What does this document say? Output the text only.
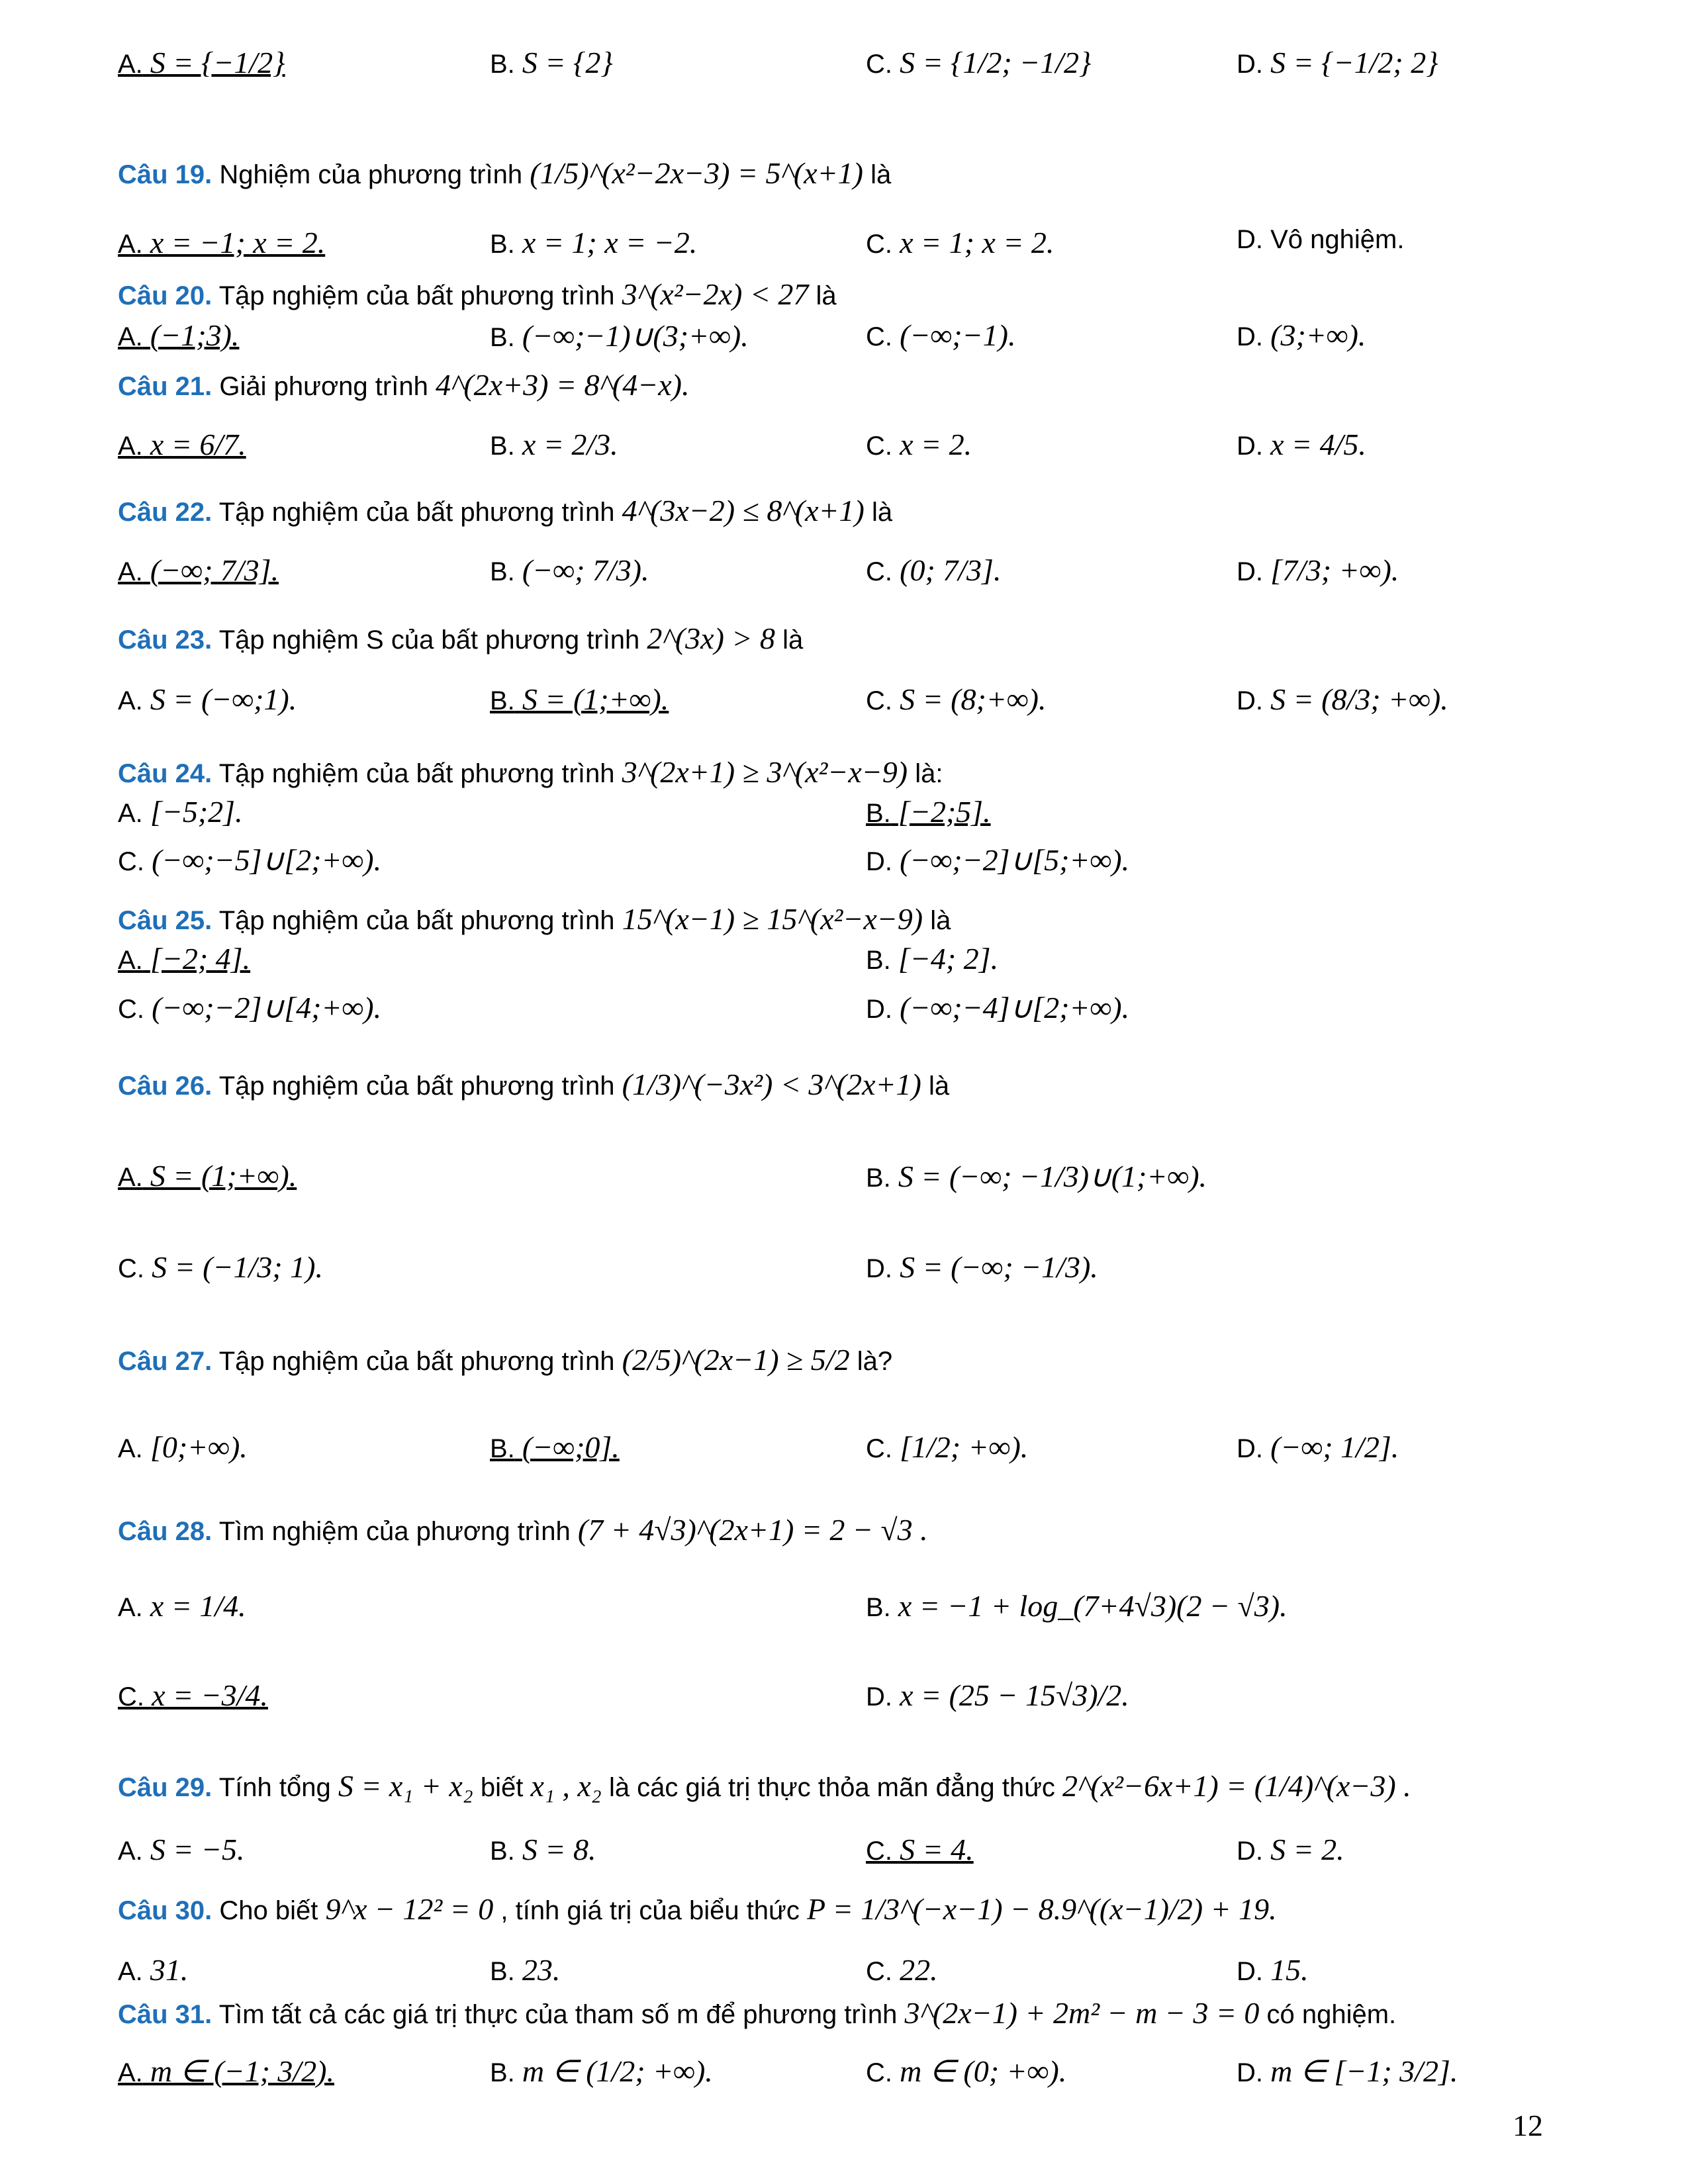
A. S = {−1/2}	B. S = {2}	C. S = {1/2; −1/2}	D. S = {−1/2; 2}
Câu 19. Nghiệm của phương trình (1/5)^(x²−2x−3) = 5^(x+1) là
A. x = −1; x = 2.	B. x = 1; x = −2.	C. x = 1; x = 2.	D. Vô nghiệm.
Câu 20. Tập nghiệm của bất phương trình 3^(x²−2x) < 27 là
A. (−1;3).	B. (−∞;−1)∪(3;+∞).	C. (−∞;−1).	D. (3;+∞).
Câu 21. Giải phương trình 4^(2x+3) = 8^(4−x).
A. x = 6/7.	B. x = 2/3.	C. x = 2.	D. x = 4/5.
Câu 22. Tập nghiệm của bất phương trình 4^(3x−2) ≤ 8^(x+1) là
A. (−∞; 7/3].	B. (−∞; 7/3).	C. (0; 7/3].	D. [7/3; +∞).
Câu 23. Tập nghiệm S của bất phương trình 2^(3x) > 8 là
A. S = (−∞;1).	B. S = (1;+∞).	C. S = (8;+∞).	D. S = (8/3; +∞).
Câu 24. Tập nghiệm của bất phương trình 3^(2x+1) ≥ 3^(x²−x−9) là:
A. [−5;2].	B. [−2;5].
C. (−∞;−5]∪[2;+∞).	D. (−∞;−2]∪[5;+∞).
Câu 25. Tập nghiệm của bất phương trình 15^(x−1) ≥ 15^(x²−x−9) là
A. [−2; 4].	B. [−4; 2].
C. (−∞;−2]∪[4;+∞).	D. (−∞;−4]∪[2;+∞).
Câu 26. Tập nghiệm của bất phương trình (1/3)^(−3x²) < 3^(2x+1) là
A. S = (1;+∞).	B. S = (−∞; −1/3)∪(1;+∞).
C. S = (−1/3; 1).	D. S = (−∞; −1/3).
Câu 27. Tập nghiệm của bất phương trình (2/5)^(2x−1) ≥ 5/2 là?
A. [0;+∞).	B. (−∞;0].	C. [1/2; +∞).	D. (−∞; 1/2].
Câu 28. Tìm nghiệm của phương trình (7 + 4√3)^(2x+1) = 2 − √3 .
A. x = 1/4.	B. x = −1 + log_(7+4√3)(2 − √3).
C. x = −3/4.	D. x = (25 − 15√3)/2.
Câu 29. Tính tổng S = x₁ + x₂ biết x₁ , x₂ là các giá trị thực thỏa mãn đẳng thức 2^(x²−6x+1) = (1/4)^(x−3) .
A. S = −5.	B. S = 8.	C. S = 4.	D. S = 2.
Câu 30. Cho biết 9^x − 12² = 0 , tính giá trị của biểu thức P = 1/3^(−x−1) − 8.9^((x−1)/2) + 19.
A. 31.	B. 23.	C. 22.	D. 15.
Câu 31. Tìm tất cả các giá trị thực của tham số m để phương trình 3^(2x−1) + 2m² − m − 3 = 0 có nghiệm.
A. m ∈ (−1; 3/2).	B. m ∈ (1/2; +∞).	C. m ∈ (0; +∞).	D. m ∈ [−1; 3/2].
12
